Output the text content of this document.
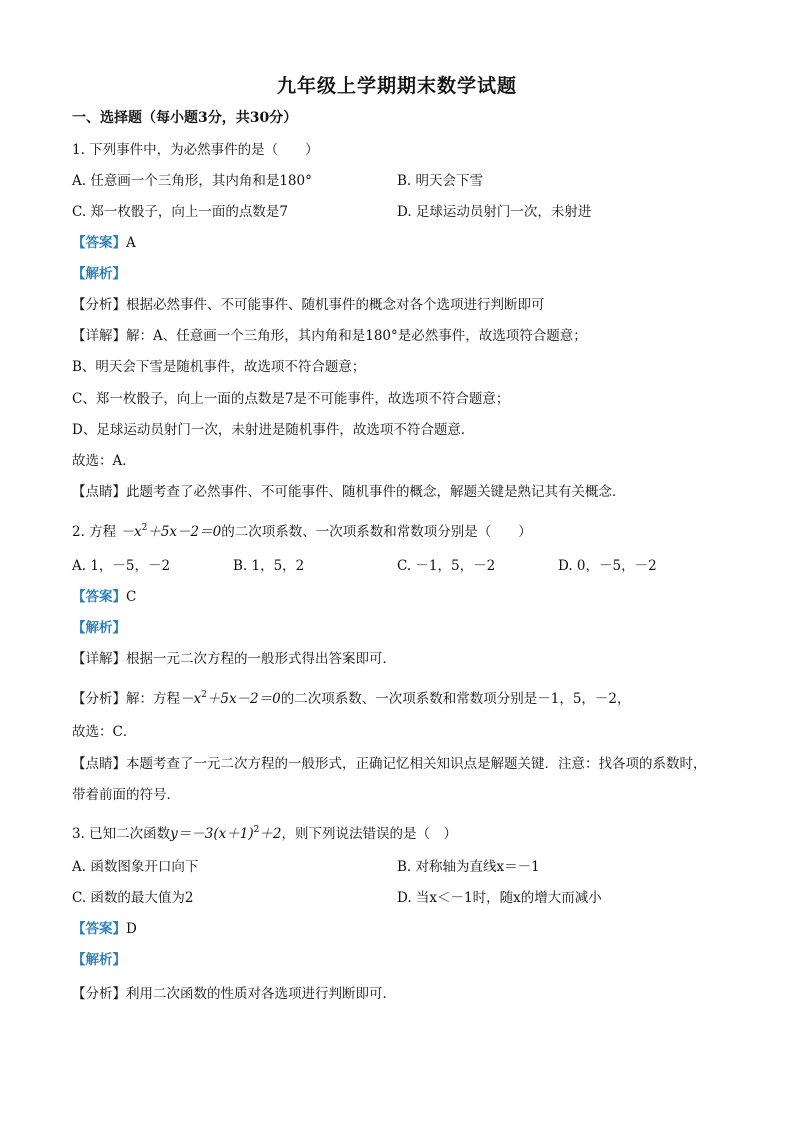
九年级上学期期末数学试题
一、选择题（每小题3分，共30分）
1. 下列事件中，为必然事件的是（　　）
A. 任意画一个三角形，其内角和是180°	B. 明天会下雪
C. 郑一枚骰子，向上一面的点数是7	D. 足球运动员射门一次，未射进
【答案】A
【解析】
【分析】根据必然事件、不可能事件、随机事件的概念对各个选项进行判断即可
【详解】解：A、任意画一个三角形，其内角和是180°是必然事件，故选项符合题意；
B、明天会下雪是随机事件，故选项不符合题意；
C、郑一枚骰子，向上一面的点数是7是不可能事件，故选项不符合题意；
D、足球运动员射门一次，未射进是随机事件，故选项不符合题意．
故选：A．
【点睛】此题考查了必然事件、不可能事件、随机事件的概念，解题关键是熟记其有关概念．
2. 方程 $-x^2+5x-2=0$的二次项系数、一次项系数和常数项分别是（　　）
A. 1，－5，－2	B. 1，5，2	C. －1，5，－2	D. 0，－5，－2
【答案】C
【解析】
【详解】根据一元二次方程的一般形式得出答案即可．
【分析】解：方程$-x^2+5x-2=0$的二次项系数、一次项系数和常数项分别是－1，5，－2，
故选：C．
【点睛】本题考查了一元二次方程的一般形式，正确记忆相关知识点是解题关键．注意：找各项的系数时，
带着前面的符号．
3. 已知二次函数$y=-3(x+1)^2+2$，则下列说法错误的是（　）
A. 函数图象开口向下	B. 对称轴为直线x＝－1
C. 函数的最大值为2	D. 当x＜－1时，随x的增大而减小
【答案】D
【解析】
【分析】利用二次函数的性质对各选项进行判断即可．
